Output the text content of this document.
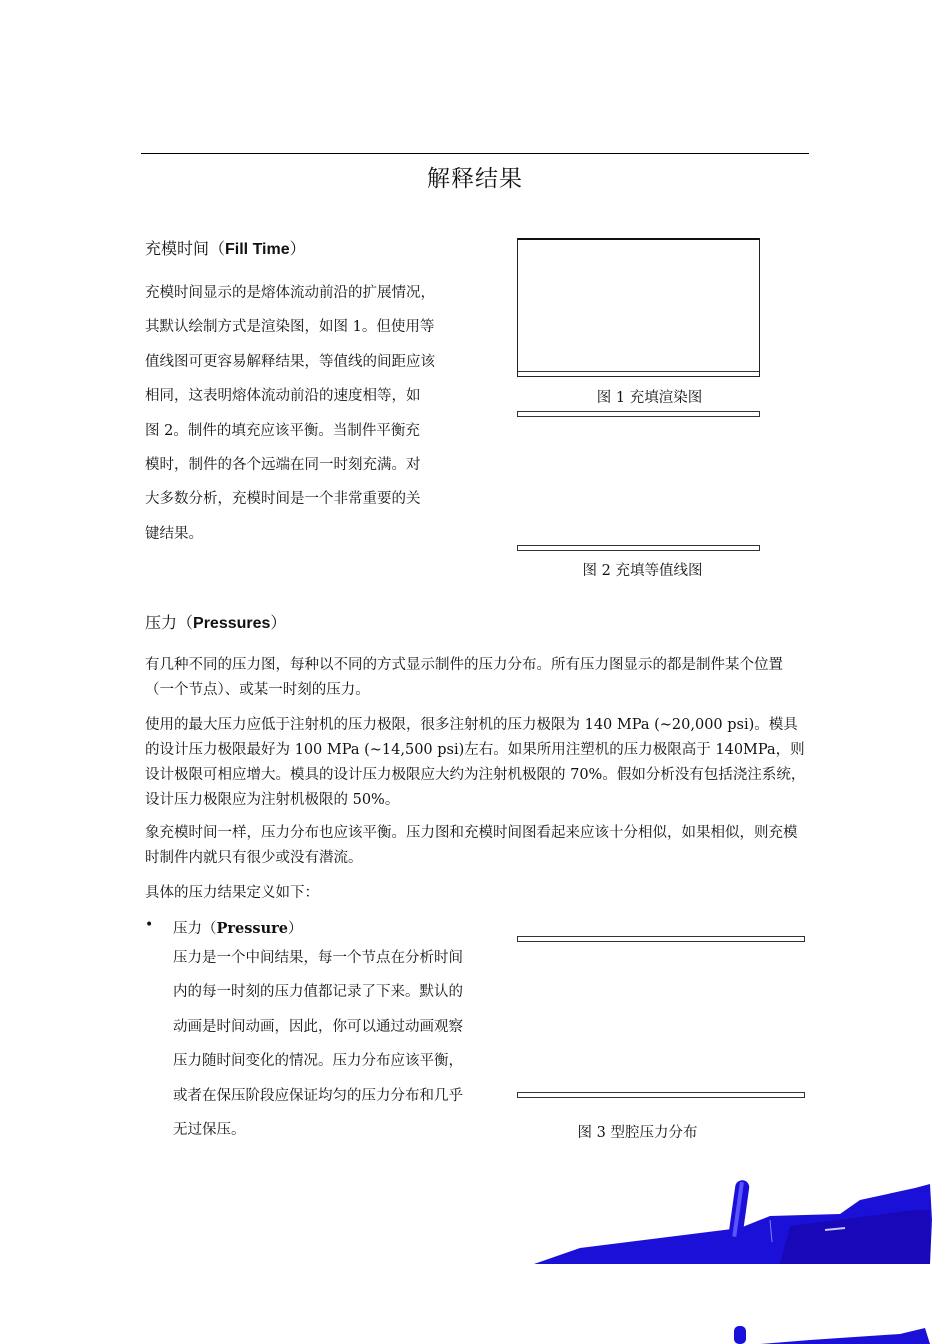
解释结果
充模时间（Fill Time）
充模时间显示的是熔体流动前沿的扩展情况，
其默认绘制方式是渲染图，如图 1。但使用等
值线图可更容易解释结果，等值线的间距应该
相同，这表明熔体流动前沿的速度相等，如
图 2。制件的填充应该平衡。当制件平衡充
模时，制件的各个远端在同一时刻充满。对
大多数分析，充模时间是一个非常重要的关
键结果。
图 1 充填渲染图
图 2 充填等值线图
压力（Pressures）
有几种不同的压力图，每种以不同的方式显示制件的压力分布。所有压力图显示的都是制件某个位置（一个节点）、或某一时刻的压力。
使用的最大压力应低于注射机的压力极限，很多注射机的压力极限为 140 MPa (~20,000 psi)。模具的设计压力极限最好为 100 MPa (~14,500 psi)左右。如果所用注塑机的压力极限高于 140MPa，则设计极限可相应增大。模具的设计压力极限应大约为注射机极限的 70%。假如分析没有包括浇注系统，设计压力极限应为注射机极限的 50%。
象充模时间一样，压力分布也应该平衡。压力图和充模时间图看起来应该十分相似，如果相似，则充模时制件内就只有很少或没有潜流。
具体的压力结果定义如下：
• 压力（Pressure）
压力是一个中间结果，每一个节点在分析时间
内的每一时刻的压力值都记录了下来。默认的
动画是时间动画，因此，你可以通过动画观察
压力随时间变化的情况。压力分布应该平衡，
或者在保压阶段应保证均匀的压力分布和几乎
无过保压。	图 3 型腔压力分布
